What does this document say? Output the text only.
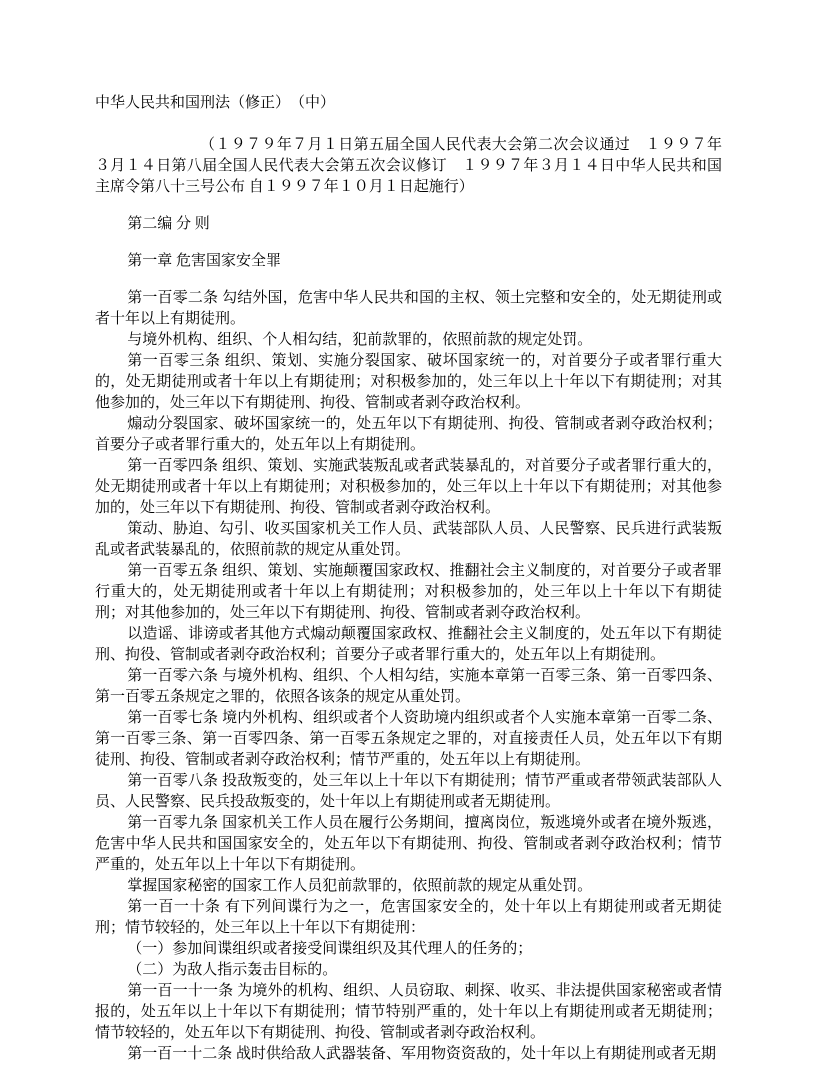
中华人民共和国刑法（修正）　（中）

（１９７９年７月１日第五届全国人民代表大会第二次会议通过　１９９７年３月１４日第八届全国人民代表大会第五次会议修订　１９９７年３月１４日中华人民共和国主席令第八十三号公布 自１９９７年１０月１日起施行）

第二编 分 则

第一章 危害国家安全罪

第一百零二条 勾结外国，危害中华人民共和国的主权、领土完整和安全的，处无期徒刑或者十年以上有期徒刑。

与境外机构、组织、个人相勾结，犯前款罪的，依照前款的规定处罚。

第一百零三条 组织、策划、实施分裂国家、破坏国家统一的，对首要分子或者罪行重大的，处无期徒刑或者十年以上有期徒刑；对积极参加的，处三年以上十年以下有期徒刑；对其他参加的，处三年以下有期徒刑、拘役、管制或者剥夺政治权利。

煽动分裂国家、破坏国家统一的，处五年以下有期徒刑、拘役、管制或者剥夺政治权利；首要分子或者罪行重大的，处五年以上有期徒刑。

第一百零四条 组织、策划、实施武装叛乱或者武装暴乱的，对首要分子或者罪行重大的，处无期徒刑或者十年以上有期徒刑；对积极参加的，处三年以上十年以下有期徒刑；对其他参加的，处三年以下有期徒刑、拘役、管制或者剥夺政治权利。

策动、胁迫、勾引、收买国家机关工作人员、武装部队人员、人民警察、民兵进行武装叛乱或者武装暴乱的，依照前款的规定从重处罚。

第一百零五条 组织、策划、实施颠覆国家政权、推翻社会主义制度的，对首要分子或者罪行重大的，处无期徒刑或者十年以上有期徒刑；对积极参加的，处三年以上十年以下有期徒刑；对其他参加的，处三年以下有期徒刑、拘役、管制或者剥夺政治权利。

以造谣、诽谤或者其他方式煽动颠覆国家政权、推翻社会主义制度的，处五年以下有期徒刑、拘役、管制或者剥夺政治权利；首要分子或者罪行重大的，处五年以上有期徒刑。

第一百零六条 与境外机构、组织、个人相勾结，实施本章第一百零三条、第一百零四条、第一百零五条规定之罪的，依照各该条的规定从重处罚。

第一百零七条 境内外机构、组织或者个人资助境内组织或者个人实施本章第一百零二条、第一百零三条、第一百零四条、第一百零五条规定之罪的，对直接责任人员，处五年以下有期徒刑、拘役、管制或者剥夺政治权利；情节严重的，处五年以上有期徒刑。

第一百零八条 投敌叛变的，处三年以上十年以下有期徒刑；情节严重或者带领武装部队人员、人民警察、民兵投敌叛变的，处十年以上有期徒刑或者无期徒刑。

第一百零九条 国家机关工作人员在履行公务期间，擅离岗位，叛逃境外或者在境外叛逃，危害中华人民共和国国家安全的，处五年以下有期徒刑、拘役、管制或者剥夺政治权利；情节严重的，处五年以上十年以下有期徒刑。

掌握国家秘密的国家工作人员犯前款罪的，依照前款的规定从重处罚。

第一百一十条 有下列间谍行为之一，危害国家安全的，处十年以上有期徒刑或者无期徒刑；情节较轻的，处三年以上十年以下有期徒刑：

（一）参加间谍组织或者接受间谍组织及其代理人的任务的；

（二）为敌人指示轰击目标的。

第一百一十一条 为境外的机构、组织、人员窃取、刺探、收买、非法提供国家秘密或者情报的，处五年以上十年以下有期徒刑；情节特别严重的，处十年以上有期徒刑或者无期徒刑；情节较轻的，处五年以下有期徒刑、拘役、管制或者剥夺政治权利。

第一百一十二条 战时供给敌人武器装备、军用物资资敌的，处十年以上有期徒刑或者无期
